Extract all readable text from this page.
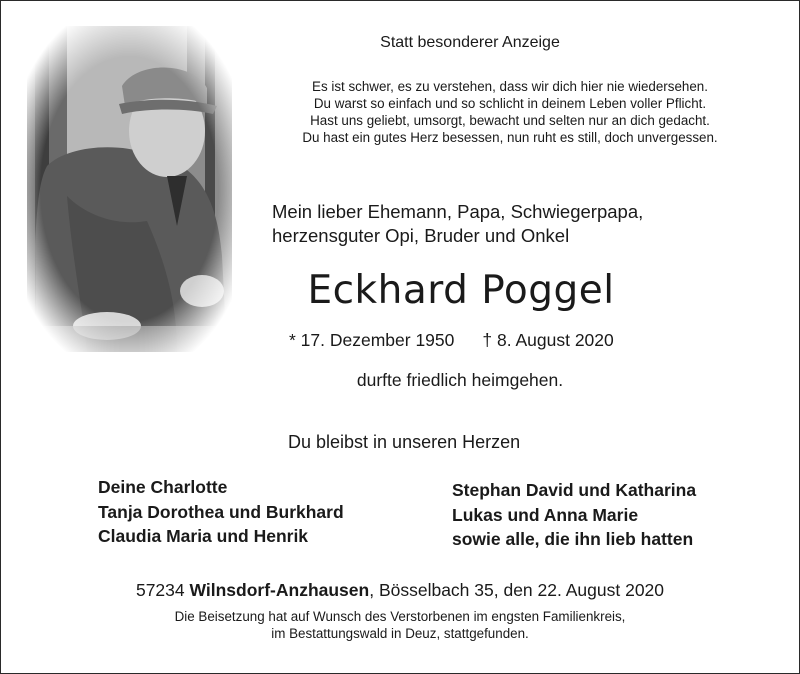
Statt besonderer Anzeige
Es ist schwer, es zu verstehen, dass wir dich hier nie wiedersehen.
Du warst so einfach und so schlicht in deinem Leben voller Pflicht.
Hast uns geliebt, umsorgt, bewacht und selten nur an dich gedacht.
Du hast ein gutes Herz besessen, nun ruht es still, doch unvergessen.
Mein lieber Ehemann, Papa, Schwiegerpapa,
herzensguter Opi, Bruder und Onkel
Eckhard Poggel
* 17. Dezember 1950 † 8. August 2020
durfte friedlich heimgehen.
Du bleibst in unseren Herzen
Deine Charlotte
Tanja Dorothea und Burkhard
Claudia Maria und Henrik
Stephan David und Katharina
Lukas und Anna Marie
sowie alle, die ihn lieb hatten
57234 Wilnsdorf-Anzhausen, Bösselbach 35, den 22. August 2020
Die Beisetzung hat auf Wunsch des Verstorbenen im engsten Familienkreis,
im Bestattungswald in Deuz, stattgefunden.
